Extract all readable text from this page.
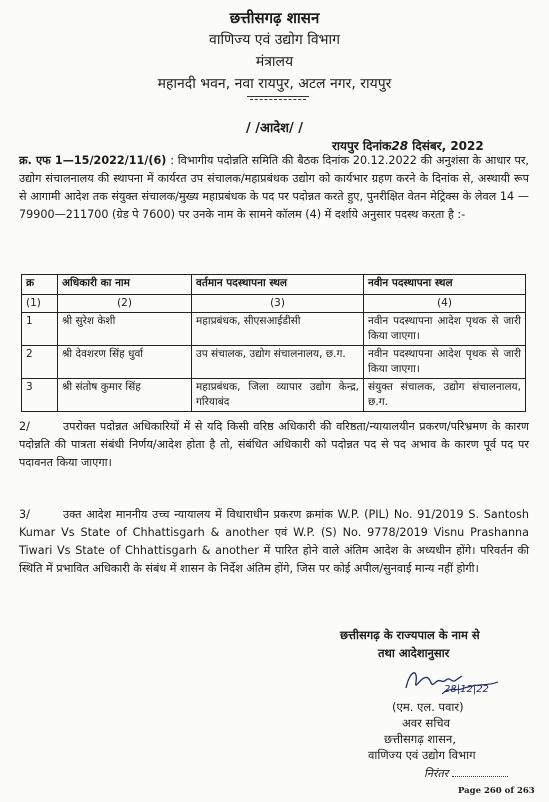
छत्तीसगढ़ शासन
वाणिज्य एवं उद्योग विभाग
मंत्रालय
महानदी भवन, नवा रायपुर, अटल नगर, रायपुर
/ /आदेश/ /
रायपुर दिनांक28 दिसंबर, 2022
क्र. एफ 1—15/2022/11/(6) : विभागीय पदोन्नति समिति की बैठक दिनांक 20.12.2022 की अनुशंसा के आधार पर, उद्योग संचालनालय की स्थापना में कार्यरत उप संचालक/महाप्रबंधक उद्योग को कार्यभार ग्रहण करने के दिनांक से, अस्थायी रूप से आगामी आदेश तक संयुक्त संचालक/मुख्य महाप्रबंधक के पद पर पदोन्नत करते हुए, पुनरीक्षित वेतन मेट्रिक्स के लेवल 14 — 79900—211700 (ग्रेड पे 7600) पर उनके नाम के सामने कॉलम (4) में दर्शाये अनुसार पदस्थ करता है :-
क्र	अधिकारी का नाम	वर्तमान पदस्थापना स्थल	नवीन पदस्थापना स्थल
(1)	(2)	(3)	(4)
1	श्री सुरेश केशी	महाप्रबंधक, सीएसआईडीसी	नवीन पदस्थापना आदेश पृथक से जारी किया जाएगा।
2	श्री देवशरण सिंह धुर्वा	उप संचालक, उद्योग संचालनालय, छ.ग.	नवीन पदस्थापना आदेश पृथक से जारी किया जाएगा।
3	श्री संतोष कुमार सिंह	महाप्रबंधक, जिला व्यापार उद्योग केन्द्र, गरियाबंद	संयुक्त संचालक, उद्योग संचालनालय, छ.ग.
2/	उपरोक्त पदोन्नत अधिकारियों में से यदि किसी वरिष्ठ अधिकारी की वरिष्ठता/न्यायालयीन प्रकरण/परिभ्रमण के कारण पदोन्नति की पात्रता संबंधी निर्णय/आदेश होता है तो, संबंधित अधिकारी को पदोन्नत पद से पद अभाव के कारण पूर्व पद पर पदावनत किया जाएगा।
3/	उक्त आदेश माननीय उच्च न्यायालय में विधाराधीन प्रकरण क्रमांक W.P. (PIL) No. 91/2019 S. Santosh Kumar Vs State of Chhattisgarh & another एवं W.P. (S) No. 9778/2019 Visnu Prashanna Tiwari Vs State of Chhattisgarh & another में पारित होने वाले अंतिम आदेश के अध्यधीन होंगे। परिवर्तन की स्थिति में प्रभावित अधिकारी के संबंध में शासन के निर्देश अंतिम होंगे, जिस पर कोई अपील/सुनवाई मान्य नहीं होगी।
छत्तीसगढ़ के राज्यपाल के नाम से
तथा आदेशानुसार
28|12|22
(एम. एल. पवार)
अवर सचिव
छत्तीसगढ़ शासन,
वाणिज्य एवं उद्योग विभाग
निरंतर
Page 260 of 263
